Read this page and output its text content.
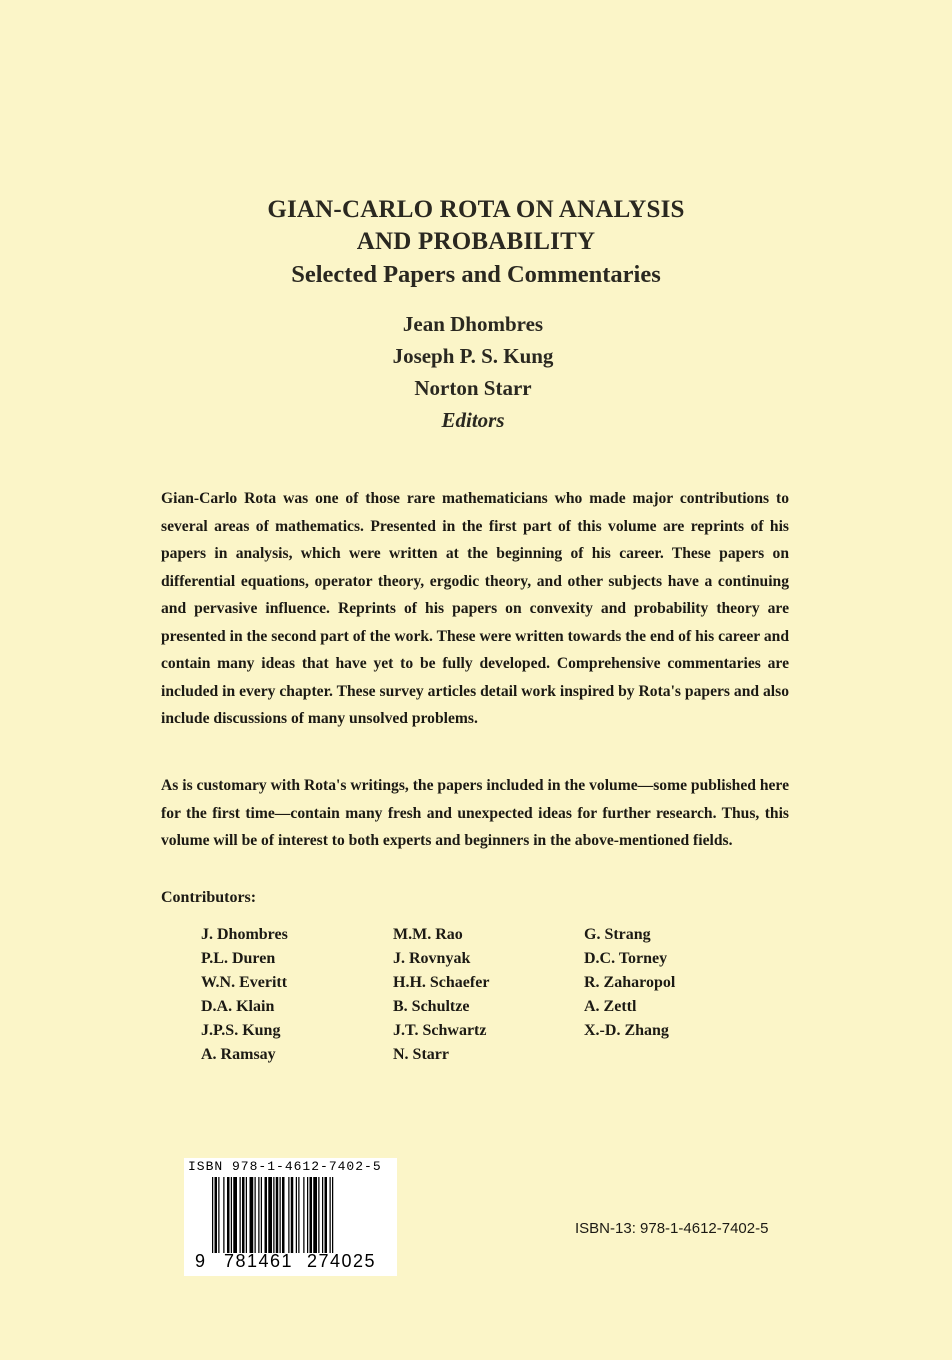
GIAN-CARLO ROTA ON ANALYSIS
AND PROBABILITY
Selected Papers and Commentaries
Jean Dhombres
Joseph P. S. Kung
Norton Starr
Editors

Gian-Carlo Rota was one of those rare mathematicians who made major contributions to several areas of mathematics. Presented in the first part of this volume are reprints of his papers in analysis, which were written at the beginning of his career. These papers on differential equations, operator theory, ergodic theory, and other subjects have a continuing and pervasive influence. Reprints of his papers on convexity and probability theory are presented in the second part of the work. These were written towards the end of his career and contain many ideas that have yet to be fully developed. Comprehensive commentaries are included in every chapter. These survey articles detail work inspired by Rota's papers and also include discussions of many unsolved problems.

As is customary with Rota's writings, the papers included in the volume—some published here for the first time—contain many fresh and unexpected ideas for further research. Thus, this volume will be of interest to both experts and beginners in the above-mentioned fields.

Contributors:

J. Dhombres
P.L. Duren
W.N. Everitt
D.A. Klain
J.P.S. Kung
A. Ramsay
M.M. Rao
J. Rovnyak
H.H. Schaefer
B. Schultze
J.T. Schwartz
N. Starr
G. Strang
D.C. Torney
R. Zaharopol
A. Zettl
X.-D. Zhang
ISBN 978-1-4612-7402-5
9 781461 274025
ISBN-13: 978-1-4612-7402-5
